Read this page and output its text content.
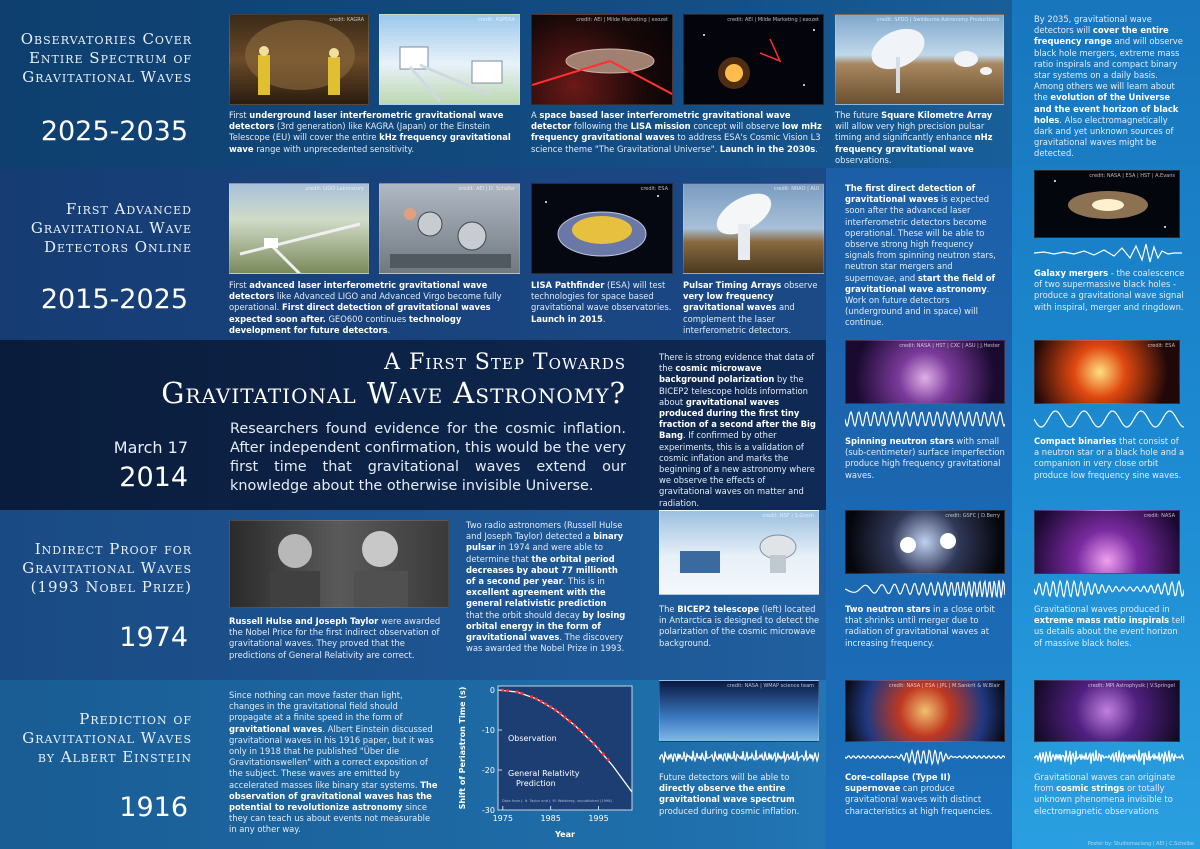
Observatories Cover Entire Spectrum of Gravitational Waves
2025-2035
credit: KAGRA	credit: ASPERA	credit: AEI | Milde Marketing | exozet	credit: AEI | Milde Marketing | exozet	credit: SPDO | Swinburne Astronomy Productions
First underground laser interferometric gravitational wave detectors (3rd generation) like KAGRA (Japan) or the Einstein Telescope (EU) will cover the entire kHz frequency gravitational wave range with unprecedented sensitivity.
A space based laser interferometric gravitational wave detector following the LISA mission concept will observe low mHz frequency gravitational waves to address ESA's Cosmic Vision L3 science theme "The Gravitational Universe". Launch in the 2030s.
The future Square Kilometre Array will allow very high precision pulsar timing and significantly enhance nHz frequency gravitational wave observations.
By 2035, gravitational wave detectors will cover the entire frequency range and will observe black hole mergers, extreme mass ratio inspirals and compact binary star systems on a daily basis. Among others we will learn about the evolution of the Universe and the event horizon of black holes. Also electromagnetically dark and yet unknown sources of gravitational waves might be detected.
First Advanced Gravitational Wave Detectors Online
2015-2025
credit: LIGO Laboratory	credit: AEI | D. Schäfer	credit: ESA	credit: NRAO | AUI
First advanced laser interferometric gravitational wave detectors like Advanced LIGO and Advanced Virgo become fully operational. First direct detection of gravitational waves expected soon after. GEO600 continues technology development for future detectors.
LISA Pathfinder (ESA) will test technologies for space based gravitational wave observatories. Launch in 2015.
Pulsar Timing Arrays observe very low frequency gravitational waves and complement the laser interferometric detectors.
The first direct detection of gravitational waves is expected soon after the advanced laser interferometric detectors become operational. These will be able to observe strong high frequency signals from spinning neutron stars, neutron star mergers and supernovae, and start the field of gravitational wave astronomy. Work on future detectors (underground and in space) will continue.
credit: NASA | ESA | HST | A.Evans
Galaxy mergers - the coalescence of two supermassive black holes - produce a gravitational wave signal with inspiral, merger and ringdown.
A First Step Towards
Gravitational Wave Astronomy?
March 17
2014
Researchers found evidence for the cosmic inflation. After independent confirmation, this would be the very first time that gravitational waves extend our knowledge about the otherwise invisible Universe.
There is strong evidence that data of the cosmic microwave background polarization by the BICEP2 telescope holds information about gravitational waves produced during the first tiny fraction of a second after the Big Bang. If confirmed by other experiments, this is a validation of cosmic inflation and marks the beginning of a new astronomy where we observe the effects of gravitational waves on matter and radiation.
credit: NASA | HST | CXC | ASU | J.Hester
Spinning neutron stars with small (sub-centimeter) surface imperfection produce high frequency gravitational waves.
credit: ESA
Compact binaries that consist of a neutron star or a black hole and a companion in very close orbit produce low frequency sine waves.
Indirect Proof for Gravitational Waves (1993 Nobel Prize)
1974
Russell Hulse and Joseph Taylor were awarded the Nobel Price for the first indirect observation of gravitational waves. They proved that the predictions of General Relativity are correct.
Two radio astronomers (Russell Hulse and Joseph Taylor) detected a binary pulsar in 1974 and were able to determine that the orbital period decreases by about 77 millionth of a second per year. This is in excellent agreement with the general relativistic prediction that the orbit should decay by losing orbital energy in the form of gravitational waves. The discovery was awarded the Nobel Prize in 1993.
credit: NSF | S.Grosh
The BICEP2 telescope (left) located in Antarctica is designed to detect the polarization of the cosmic microwave background.
credit: GSFC | D.Berry
Two neutron stars in a close orbit that shrinks until merger due to radiation of gravitational waves at increasing frequency.
credit: NASA
Gravitational waves produced in extreme mass ratio inspirals tell us details about the event horizon of massive black holes.
Prediction of Gravitational Waves by Albert Einstein
1916
Since nothing can move faster than light, changes in the gravitational field should propagate at a finite speed in the form of gravitational waves. Albert Einstein discussed gravitational waves in his 1916 paper, but it was only in 1918 that he published "Über die Gravitationswellen" with a correct exposition of the subject. These waves are emitted by accelerated masses like binary star systems. The observation of gravitational waves has the potential to revolutionize astronomy since they can teach us about events not measurable in any other way.
1975	1985	1995
0
-10
-20
-30
Shift of Periastron Time (s)
Year
Observation
General Relativity
Prediction
Data from J. H. Taylor and J. M. Weisberg, unpublished (1998)
credit: NASA | WMAP science team
Future detectors will be able to directly observe the entire gravitational wave spectrum produced during cosmic inflation.
credit: NASA | ESA | JPL | M.Sankrit & W.Blair
Core-collapse (Type II) supernovae can produce gravitational waves with distinct characteristics at high frequencies.
credit: MPI Astrophysik | V.Springel
Gravitational waves can originate from cosmic strings or totally unknown phenomena invisible to electromagnetic observations
Poster by: Studiomaclang | AEI | C.Scheibe
